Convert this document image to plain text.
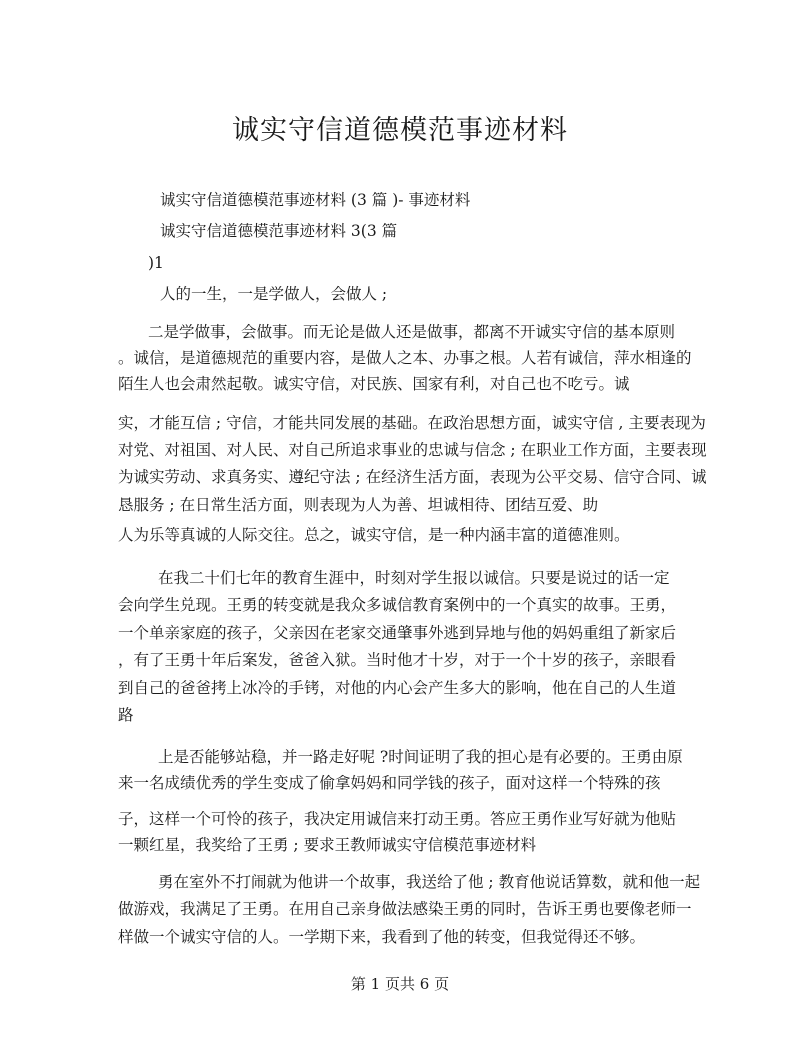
诚实守信道德模范事迹材料

诚实守信道德模范事迹材料 (3 篇 )- 事迹材料

诚实守信道德模范事迹材料 3(3 篇

)1

人的一生，一是学做人，会做人 ;

二是学做事，会做事。而无论是做人还是做事，都离不开诚实守信的基本原则

。诚信，是道德规范的重要内容，是做人之本、办事之根。人若有诚信，萍水相逢的

陌生人也会肃然起敬。诚实守信，对民族、国家有利，对自己也不吃亏。诚

实，才能互信 ; 守信，才能共同发展的基础。在政治思想方面，诚实守信 , 主要表现为

对党、对祖国、对人民、对自己所追求事业的忠诚与信念 ; 在职业工作方面，主要表现

为诚实劳动、求真务实、遵纪守法 ; 在经济生活方面，表现为公平交易、信守合同、诚

恳服务 ; 在日常生活方面，则表现为人为善、坦诚相待、团结互爱、助

人为乐等真诚的人际交往。总之，诚实守信，是一种内涵丰富的道德准则。

在我二十们七年的教育生涯中，时刻对学生报以诚信。只要是说过的话一定

会向学生兑现。王勇的转变就是我众多诚信教育案例中的一个真实的故事。王勇，

一个单亲家庭的孩子，父亲因在老家交通肇事外逃到异地与他的妈妈重组了新家后

，有了王勇十年后案发，爸爸入狱。当时他才十岁，对于一个十岁的孩子，亲眼看

到自己的爸爸拷上冰冷的手铐，对他的内心会产生多大的影响，他在自己的人生道

路

上是否能够站稳，并一路走好呢 ?时间证明了我的担心是有必要的。王勇由原

来一名成绩优秀的学生变成了偷拿妈妈和同学钱的孩子，面对这样一个特殊的孩

子，这样一个可怜的孩子，我决定用诚信来打动王勇。答应王勇作业写好就为他贴

一颗红星，我奖给了王勇 ; 要求王教师诚实守信模范事迹材料

勇在室外不打闹就为他讲一个故事，我送给了他 ; 教育他说话算数，就和他一起

做游戏，我满足了王勇。在用自己亲身做法感染王勇的同时，告诉王勇也要像老师一

样做一个诚实守信的人。一学期下来，我看到了他的转变，但我觉得还不够。

第 1 页共 6 页
